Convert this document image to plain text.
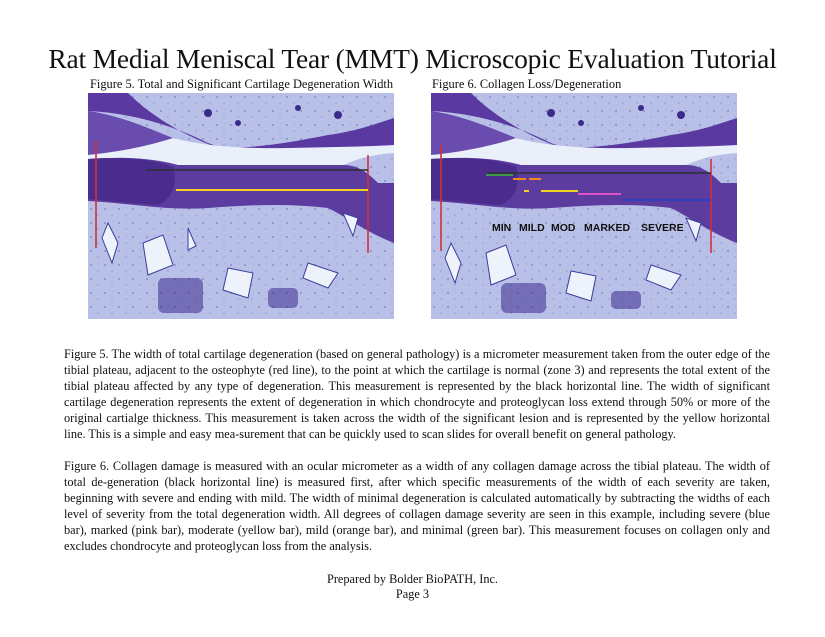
Rat Medial Meniscal Tear (MMT) Microscopic Evaluation Tutorial
Figure 5. Total and Significant Cartilage Degeneration Width	Figure 6. Collagen Loss/Degeneration
MIN MILD MOD MARKED SEVERE
Figure 5. The width of total cartilage degeneration (based on general pathology) is a micrometer measurement taken from the outer edge of the tibial plateau, adjacent to the osteophyte (red line), to the point at which the cartilage is normal (zone 3) and represents the total extent of the tibial plateau affected by any type of degeneration. This measurement is represented by the black horizontal line. The width of significant cartilage degeneration represents the extent of degeneration in which chondrocyte and proteoglycan loss extend through 50% or more of the original cartialge thickness. This measurement is taken across the width of the significant lesion and is represented by the yellow horizontal line. This is a simple and easy mea-surement that can be quickly used to scan slides for overall benefit on general pathology.
Figure 6. Collagen damage is measured with an ocular micrometer as a width of any collagen damage across the tibial plateau. The width of total de-generation (black horizontal line) is measured first, after which specific measurements of the width of each severity are taken, beginning with severe and ending with mild. The width of minimal degeneration is calculated automatically by subtracting the widths of each level of severity from the total degeneration width. All degrees of collagen damage severity are seen in this example, including severe (blue bar), marked (pink bar), moderate (yellow bar), mild (orange bar), and minimal (green bar). This measurement focuses on collagen only and excludes chondrocyte and proteoglycan loss from the analysis.
Prepared by Bolder BioPATH, Inc.
Page 3
